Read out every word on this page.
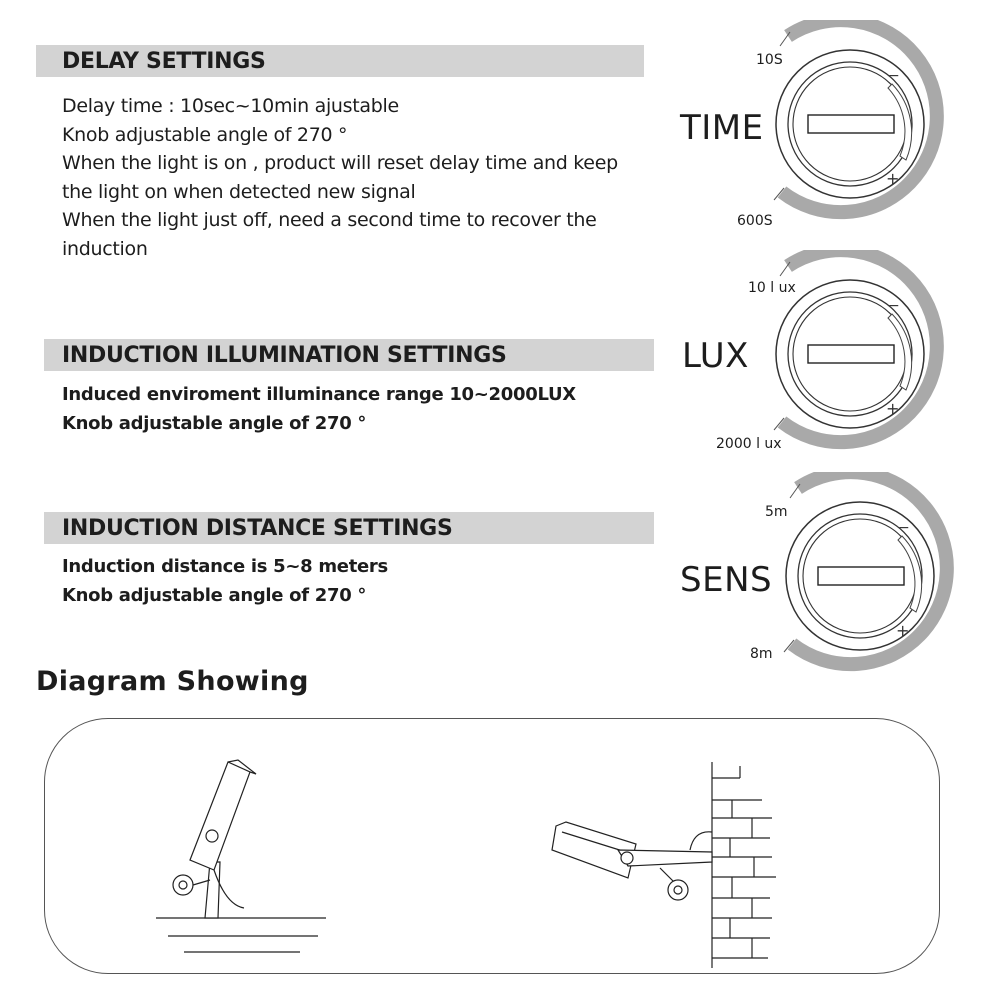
DELAY SETTINGS
Delay time : 10sec~10min ajustable
Knob adjustable angle of 270 °
When the light is on , product will reset delay time and keep
the light on when detected new signal
When the light just off, need a second time to recover the
induction
INDUCTION ILLUMINATION SETTINGS
Induced enviroment illuminance range 10~2000LUX
Knob adjustable angle of 270 °
INDUCTION DISTANCE SETTINGS
Induction distance is 5~8 meters
Knob adjustable angle of 270 °
TIME
10S
600S
−
+
LUX
10 l ux
2000 l ux
−
+
SENS
5m
8m
−
+
Diagram Showing
